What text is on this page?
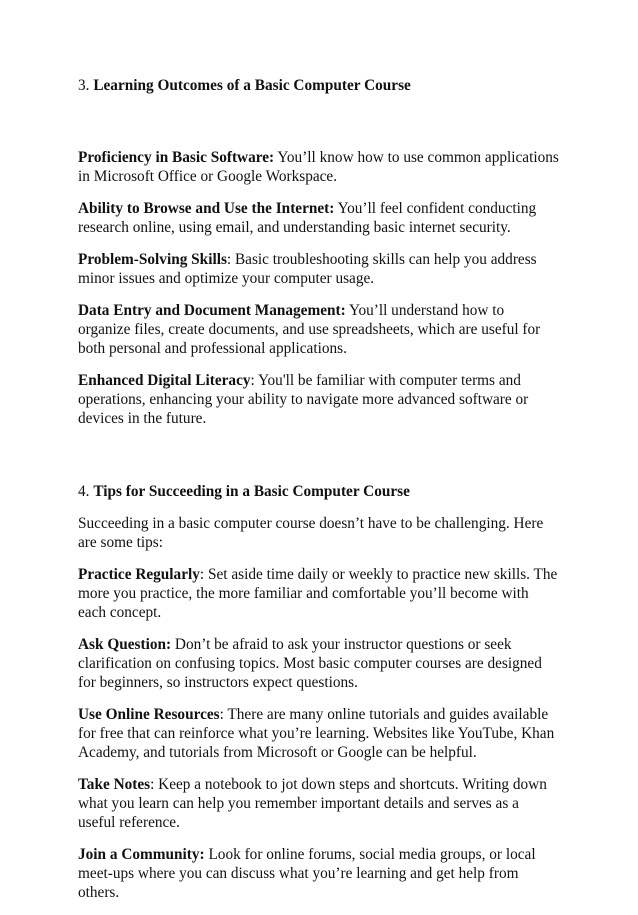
3. Learning Outcomes of a Basic Computer Course

Proficiency in Basic Software: You’ll know how to use common applications in Microsoft Office or Google Workspace.

Ability to Browse and Use the Internet: You’ll feel confident conducting research online, using email, and understanding basic internet security.

Problem-Solving Skills: Basic troubleshooting skills can help you address minor issues and optimize your computer usage.

Data Entry and Document Management: You’ll understand how to organize files, create documents, and use spreadsheets, which are useful for both personal and professional applications.

Enhanced Digital Literacy: You'll be familiar with computer terms and operations, enhancing your ability to navigate more advanced software or devices in the future.

4. Tips for Succeeding in a Basic Computer Course

Succeeding in a basic computer course doesn’t have to be challenging. Here are some tips:

Practice Regularly: Set aside time daily or weekly to practice new skills. The more you practice, the more familiar and comfortable you’ll become with each concept.

Ask Question: Don’t be afraid to ask your instructor questions or seek clarification on confusing topics. Most basic computer courses are designed for beginners, so instructors expect questions.

Use Online Resources: There are many online tutorials and guides available for free that can reinforce what you’re learning. Websites like YouTube, Khan Academy, and tutorials from Microsoft or Google can be helpful.

Take Notes: Keep a notebook to jot down steps and shortcuts. Writing down what you learn can help you remember important details and serves as a useful reference.

Join a Community: Look for online forums, social media groups, or local meet-ups where you can discuss what you’re learning and get help from others.
